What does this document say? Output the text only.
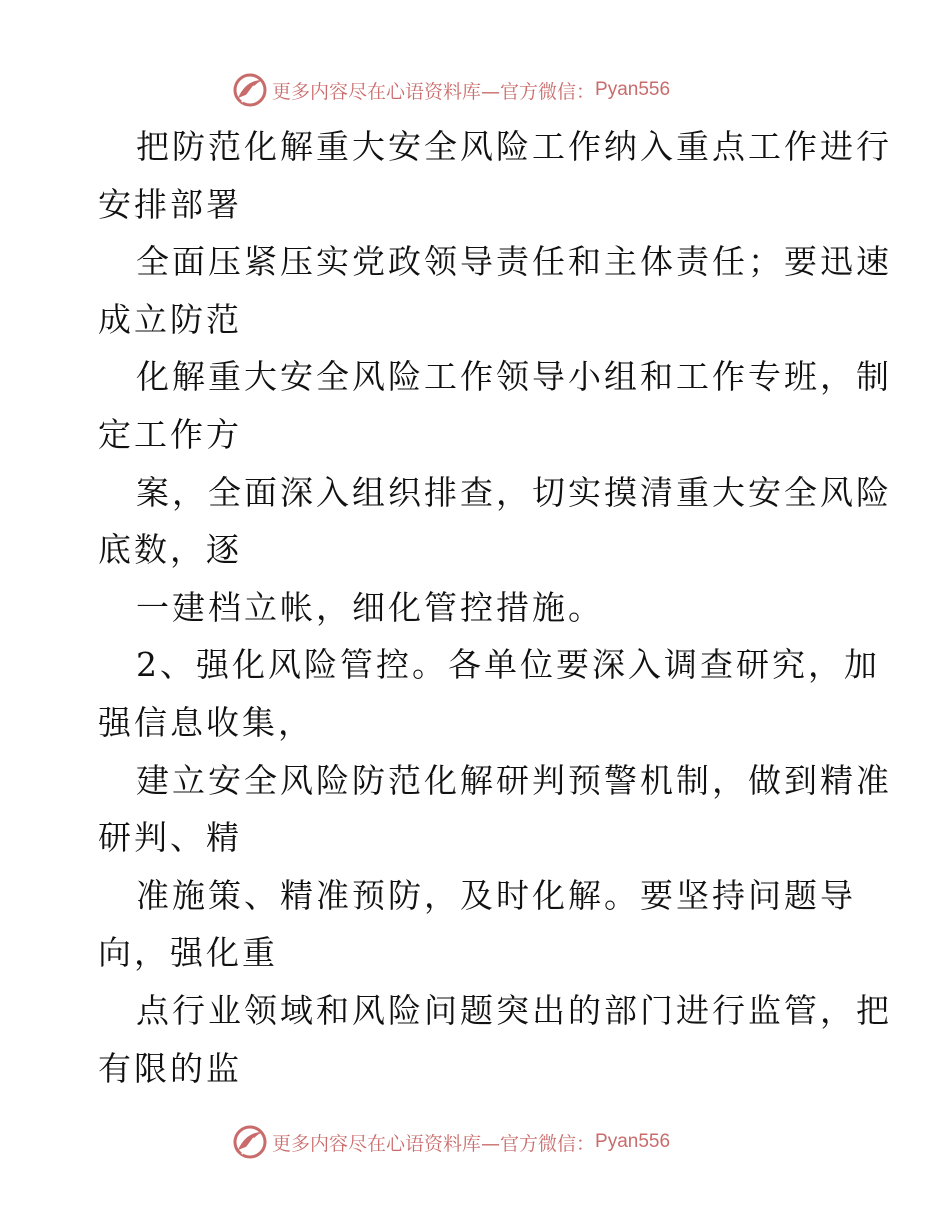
更多内容尽在心语资料库—官方微信： Pyan556
把防范化解重大安全风险工作纳入重点工作进行
安排部署
全面压紧压实党政领导责任和主体责任；要迅速
成立防范
化解重大安全风险工作领导小组和工作专班，制
定工作方
案，全面深入组织排查，切实摸清重大安全风险
底数，逐
一建档立帐，细化管控措施。
2、强化风险管控。各单位要深入调查研究，加
强信息收集，
建立安全风险防范化解研判预警机制，做到精准
研判、精
准施策、精准预防，及时化解。要坚持问题导
向，强化重
点行业领域和风险问题突出的部门进行监管，把
有限的监
更多内容尽在心语资料库—官方微信： Pyan556
